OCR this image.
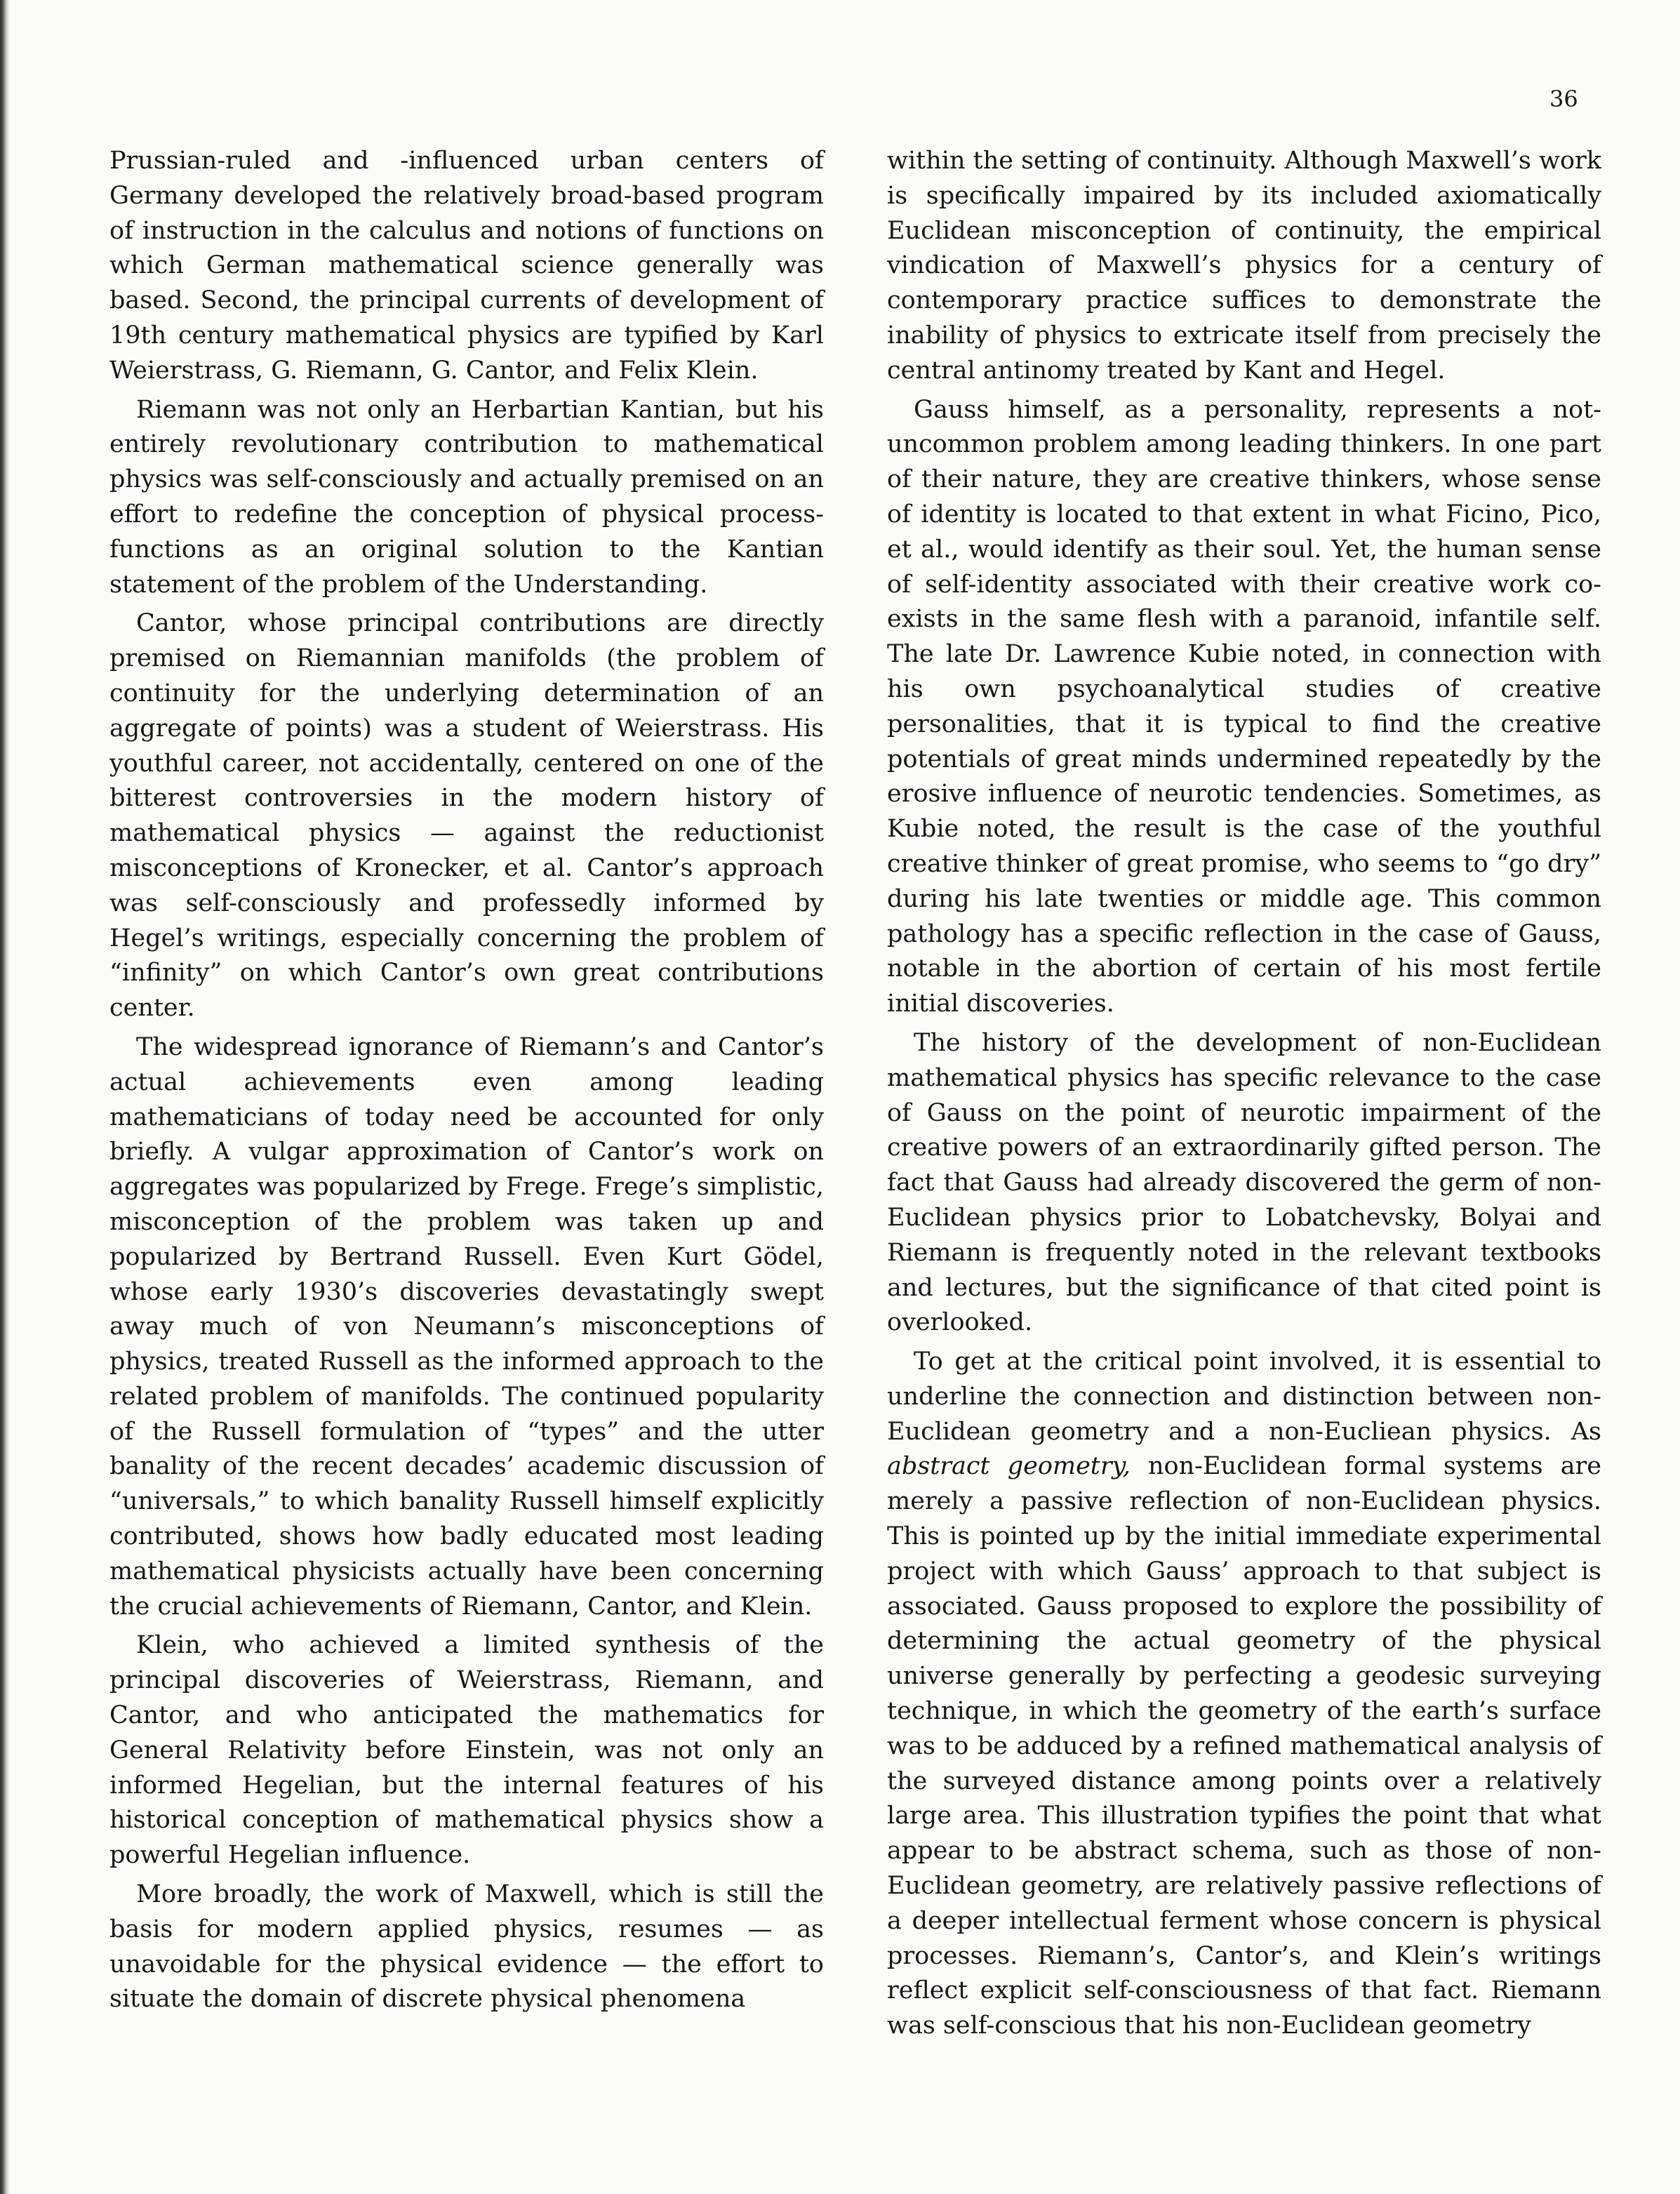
36

Prussian-ruled and -influenced urban centers of Germany developed the relatively broad-based program of instruction in the calculus and notions of functions on which German mathematical science generally was based. Second, the principal currents of development of 19th century mathematical physics are typified by Karl Weierstrass, G. Riemann, G. Cantor, and Felix Klein.

Riemann was not only an Herbartian Kantian, but his entirely revolutionary contribution to mathematical physics was self-consciously and actually premised on an effort to redefine the conception of physical process-functions as an original solution to the Kantian statement of the problem of the Understanding.

Cantor, whose principal contributions are directly premised on Riemannian manifolds (the problem of continuity for the underlying determination of an aggregate of points) was a student of Weierstrass. His youthful career, not accidentally, centered on one of the bitterest controversies in the modern history of mathematical physics — against the reductionist misconceptions of Kronecker, et al. Cantor’s approach was self-consciously and professedly informed by Hegel’s writings, especially concerning the problem of “infinity” on which Cantor’s own great contributions center.

The widespread ignorance of Riemann’s and Cantor’s actual achievements even among leading mathematicians of today need be accounted for only briefly. A vulgar approximation of Cantor’s work on aggregates was popularized by Frege. Frege’s simplistic, misconception of the problem was taken up and popularized by Bertrand Russell. Even Kurt Gödel, whose early 1930’s discoveries devastatingly swept away much of von Neumann’s misconceptions of physics, treated Russell as the informed approach to the related problem of manifolds. The continued popularity of the Russell formulation of “types” and the utter banality of the recent decades’ academic discussion of “universals,” to which banality Russell himself explicitly contributed, shows how badly educated most leading mathematical physicists actually have been concerning the crucial achievements of Riemann, Cantor, and Klein.

Klein, who achieved a limited synthesis of the principal discoveries of Weierstrass, Riemann, and Cantor, and who anticipated the mathematics for General Relativity before Einstein, was not only an informed Hegelian, but the internal features of his historical conception of mathematical physics show a powerful Hegelian influence.

More broadly, the work of Maxwell, which is still the basis for modern applied physics, resumes — as unavoidable for the physical evidence — the effort to situate the domain of discrete physical phenomena

within the setting of continuity. Although Maxwell’s work is specifically impaired by its included axiomatically Euclidean misconception of continuity, the empirical vindication of Maxwell’s physics for a century of contemporary practice suffices to demonstrate the inability of physics to extricate itself from precisely the central antinomy treated by Kant and Hegel.

Gauss himself, as a personality, represents a not-uncommon problem among leading thinkers. In one part of their nature, they are creative thinkers, whose sense of identity is located to that extent in what Ficino, Pico, et al., would identify as their soul. Yet, the human sense of self-identity associated with their creative work co-exists in the same flesh with a paranoid, infantile self. The late Dr. Lawrence Kubie noted, in connection with his own psychoanalytical studies of creative personalities, that it is typical to find the creative potentials of great minds undermined repeatedly by the erosive influence of neurotic tendencies. Sometimes, as Kubie noted, the result is the case of the youthful creative thinker of great promise, who seems to “go dry” during his late twenties or middle age. This common pathology has a specific reflection in the case of Gauss, notable in the abortion of certain of his most fertile initial discoveries.

The history of the development of non-Euclidean mathematical physics has specific relevance to the case of Gauss on the point of neurotic impairment of the creative powers of an extraordinarily gifted person. The fact that Gauss had already discovered the germ of non-Euclidean physics prior to Lobatchevsky, Bolyai and Riemann is frequently noted in the relevant textbooks and lectures, but the significance of that cited point is overlooked.

To get at the critical point involved, it is essential to underline the connection and distinction between non-Euclidean geometry and a non-Eucliean physics. As abstract geometry, non-Euclidean formal systems are merely a passive reflection of non-Euclidean physics. This is pointed up by the initial immediate experimental project with which Gauss’ approach to that subject is associated. Gauss proposed to explore the possibility of determining the actual geometry of the physical universe generally by perfecting a geodesic surveying technique, in which the geometry of the earth’s surface was to be adduced by a refined mathematical analysis of the surveyed distance among points over a relatively large area. This illustration typifies the point that what appear to be abstract schema, such as those of non-Euclidean geometry, are relatively passive reflections of a deeper intellectual ferment whose concern is physical processes. Riemann’s, Cantor’s, and Klein’s writings reflect explicit self-consciousness of that fact. Riemann was self-conscious that his non-Euclidean geometry
